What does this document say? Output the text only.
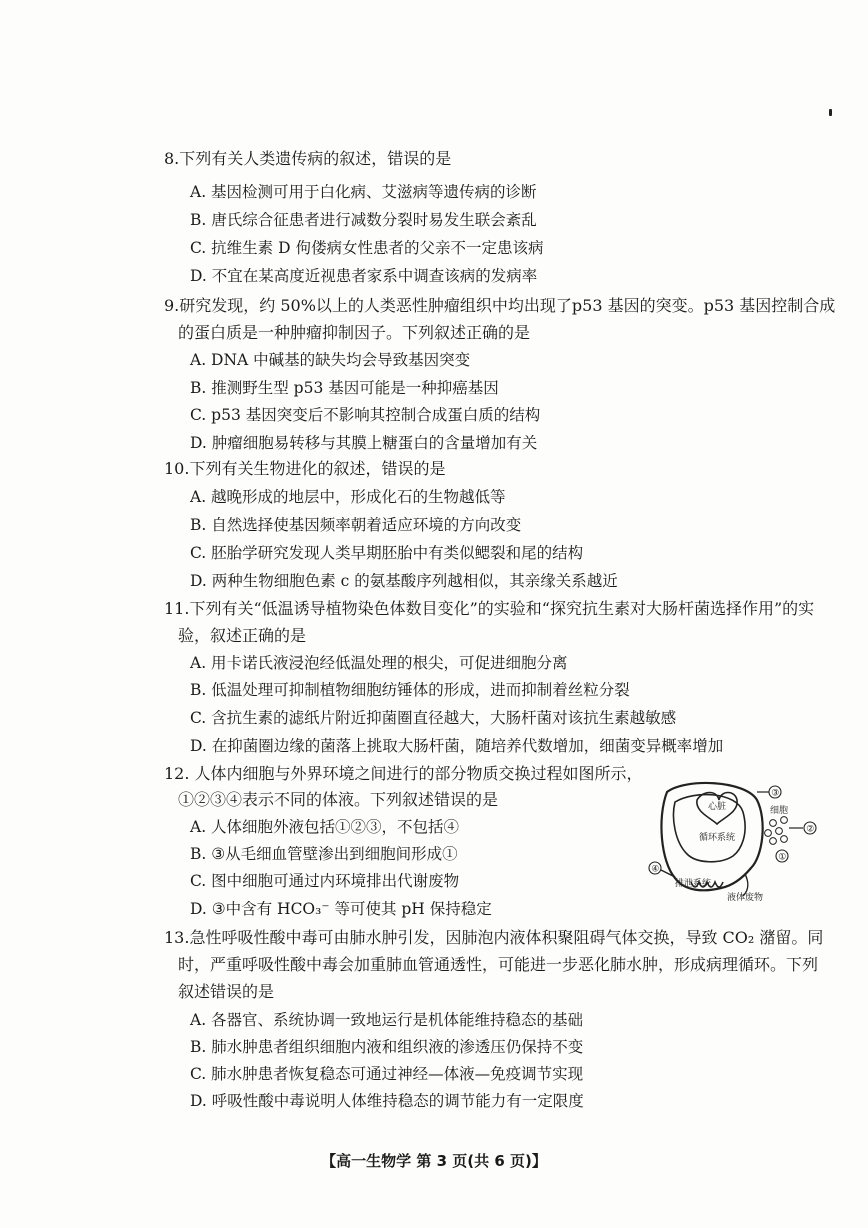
8.下列有关人类遗传病的叙述，错误的是
A. 基因检测可用于白化病、艾滋病等遗传病的诊断
B. 唐氏综合征患者进行减数分裂时易发生联会紊乱
C. 抗维生素 D 佝偻病女性患者的父亲不一定患该病
D. 不宜在某高度近视患者家系中调查该病的发病率
9.研究发现，约 50%以上的人类恶性肿瘤组织中均出现了p53 基因的突变。p53 基因控制合成
的蛋白质是一种肿瘤抑制因子。下列叙述正确的是
A. DNA 中碱基的缺失均会导致基因突变
B. 推测野生型 p53 基因可能是一种抑癌基因
C. p53 基因突变后不影响其控制合成蛋白质的结构
D. 肿瘤细胞易转移与其膜上糖蛋白的含量增加有关
10.下列有关生物进化的叙述，错误的是
A. 越晚形成的地层中，形成化石的生物越低等
B. 自然选择使基因频率朝着适应环境的方向改变
C. 胚胎学研究发现人类早期胚胎中有类似鳃裂和尾的结构
D. 两种生物细胞色素 c 的氨基酸序列越相似，其亲缘关系越近
11.下列有关“低温诱导植物染色体数目变化”的实验和“探究抗生素对大肠杆菌选择作用”的实
验，叙述正确的是
A. 用卡诺氏液浸泡经低温处理的根尖，可促进细胞分离
B. 低温处理可抑制植物细胞纺锤体的形成，进而抑制着丝粒分裂
C. 含抗生素的滤纸片附近抑菌圈直径越大，大肠杆菌对该抗生素越敏感
D. 在抑菌圈边缘的菌落上挑取大肠杆菌，随培养代数增加，细菌变异概率增加
12. 人体内细胞与外界环境之间进行的部分物质交换过程如图所示，
①②③④表示不同的体液。下列叙述错误的是
A. 人体细胞外液包括①②③，不包括④
B. ③从毛细血管壁渗出到细胞间形成①
C. 图中细胞可通过内环境排出代谢废物
D. ③中含有 HCO₃⁻ 等可使其 pH 保持稳定
心脏
循环系统
④
排泄系统
液体废物
③
细胞
②
①
13.急性呼吸性酸中毒可由肺水肿引发，因肺泡内液体积聚阻碍气体交换，导致 CO₂ 潴留。同
时，严重呼吸性酸中毒会加重肺血管通透性，可能进一步恶化肺水肿，形成病理循环。下列
叙述错误的是
A. 各器官、系统协调一致地运行是机体能维持稳态的基础
B. 肺水肿患者组织细胞内液和组织液的渗透压仍保持不变
C. 肺水肿患者恢复稳态可通过神经—体液—免疫调节实现
D. 呼吸性酸中毒说明人体维持稳态的调节能力有一定限度
【高一生物学 第 3 页(共 6 页)】
